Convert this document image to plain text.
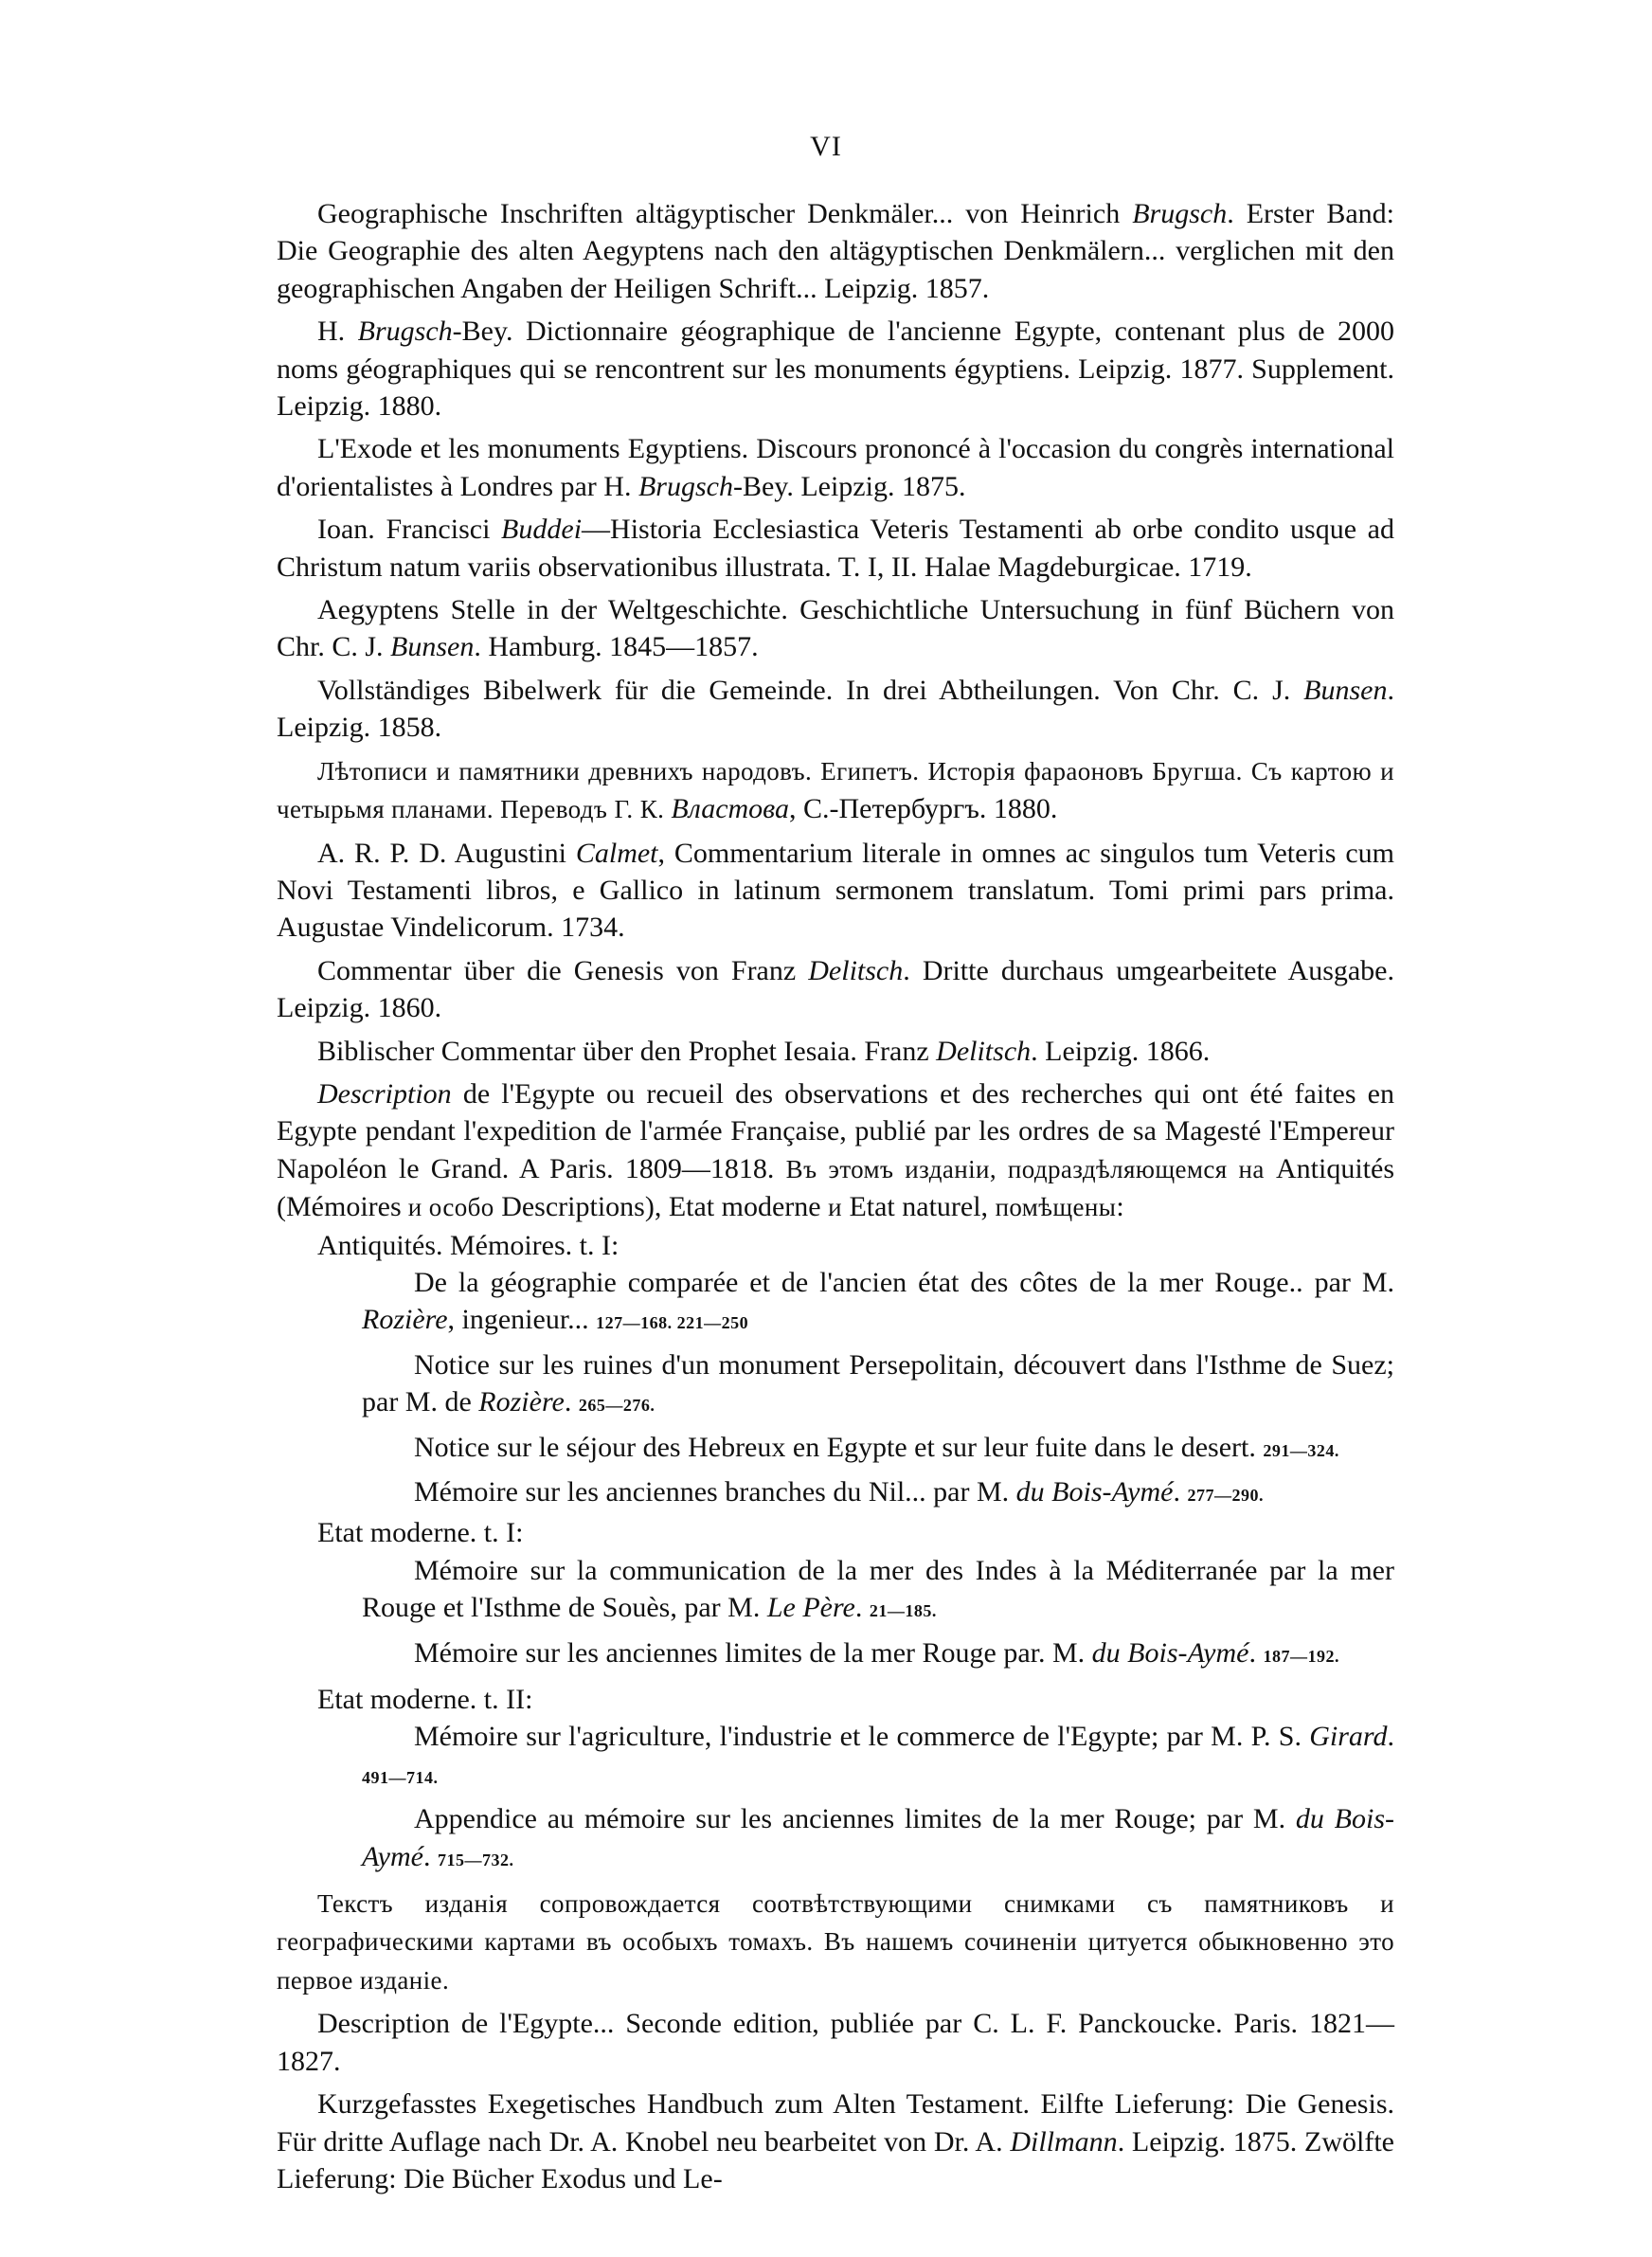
VI

Geographische Inschriften altägyptischer Denkmäler... von Heinrich Brugsch. Erster Band: Die Geographie des alten Aegyptens nach den altägyptischen Denkmälern... verglichen mit den geographischen Angaben der Heiligen Schrift... Leipzig. 1857.

H. Brugsch-Bey. Dictionnaire géographique de l'ancienne Egypte, contenant plus de 2000 noms géographiques qui se rencontrent sur les monuments égyptiens. Leipzig. 1877. Supplement. Leipzig. 1880.

L'Exode et les monuments Egyptiens. Discours prononcé à l'occasion du congrès international d'orientalistes à Londres par H. Brugsch-Bey. Leipzig. 1875.

Ioan. Francisci Buddei—Historia Ecclesiastica Veteris Testamenti ab orbe condito usque ad Christum natum variis observationibus illustrata. T. I, II. Halae Magdeburgicae. 1719.

Aegyptens Stelle in der Weltgeschichte. Geschichtliche Untersuchung in fünf Büchern von Chr. C. J. Bunsen. Hamburg. 1845—1857.

Vollständiges Bibelwerk für die Gemeinde. In drei Abtheilungen. Von Chr. C. J. Bunsen. Leipzig. 1858.

Лѣтописи и памятники древнихъ народовъ. Египетъ. Исторія фараоновъ Бругша. Съ картою и четырьмя планами. Переводъ Г. К. Властова, С.-Петербургъ. 1880.

A. R. P. D. Augustini Calmet, Commentarium literale in omnes ac singulos tum Veteris cum Novi Testamenti libros, e Gallico in latinum sermonem translatum. Tomi primi pars prima. Augustae Vindelicorum. 1734.

Commentar über die Genesis von Franz Delitsch. Dritte durchaus umgearbeitete Ausgabe. Leipzig. 1860.

Biblischer Commentar über den Prophet Iesaia. Franz Delitsch. Leipzig. 1866.

Description de l'Egypte ou recueil des observations et des recherches qui ont été faites en Egypte pendant l'expedition de l'armée Française, publié par les ordres de sa Magesté l'Empereur Napoléon le Grand. A Paris. 1809—1818. Въ этомъ изданіи, подраздѣляющемся на Antiquités (Mémoires и особо Descriptions), Etat moderne и Etat naturel, помѣщены:

Antiquités. Mémoires. t. I:

De la géographie comparée et de l'ancien état des côtes de la mer Rouge.. par M. Rozière, ingenieur... 127—168. 221—250

Notice sur les ruines d'un monument Persepolitain, découvert dans l'Isthme de Suez; par M. de Rozière. 265—276.

Notice sur le séjour des Hebreux en Egypte et sur leur fuite dans le desert. 291—324.

Mémoire sur les anciennes branches du Nil... par M. du Bois-Aymé. 277—290.

Etat moderne. t. I:

Mémoire sur la communication de la mer des Indes à la Méditerranée par la mer Rouge et l'Isthme de Souès, par M. Le Père. 21—185.

Mémoire sur les anciennes limites de la mer Rouge par. M. du Bois-Aymé. 187—192.

Etat moderne. t. II:

Mémoire sur l'agriculture, l'industrie et le commerce de l'Egypte; par M. P. S. Girard. 491—714.

Appendice au mémoire sur les anciennes limites de la mer Rouge; par M. du Bois-Aymé. 715—732.

Текстъ изданія сопровождается соотвѣтствующими снимками съ памятниковъ и географическими картами въ особыхъ томахъ. Въ нашемъ сочиненіи цитуется обыкновенно это первое изданіе.

Description de l'Egypte... Seconde edition, publiée par C. L. F. Panckoucke. Paris. 1821—1827.

Kurzgefasstes Exegetisches Handbuch zum Alten Testament. Eilfte Lieferung: Die Genesis. Für dritte Auflage nach Dr. A. Knobel neu bearbeitet von Dr. A. Dillmann. Leipzig. 1875. Zwölfte Lieferung: Die Bücher Exodus und Le-
